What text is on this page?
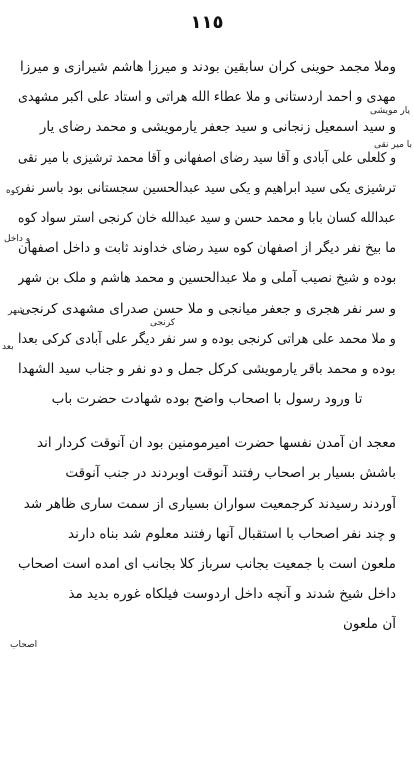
١١٥
وملا مجمد حوینی کران سابقین بودند و میرزا هاشم شیرازی و میرزا
مهدی و احمد اردستانی و ملا عطاء الله هراتی و استاد علی اکبر مشهدی
و سید اسمعیل زنجانی و سید جعفر یارمویشی و محمد رضای یار
و کلعلی علی آبادی و آقا سید رضای اصفهانی و آقا محمد ترشیزی با میر نقی
ترشیزی یکی سید ابراهیم و یکی سید عبدالحسین سجستانی بود باسر نفر
عبدالله کسان بابا و محمد حسن و سید عبدالله خان کرنجی استر سواد کوه
ما بیخ نفر دیگر از اصفهان کوه سید رضای خداوند ثابت و داخل اصفهان
بوده و شیخ نصیب آملی و ملا عبدالحسین و محمد هاشم و ملک بن شهر
و سر نفر هجری و جعفر میانجی و ملا حسن صدرای مشهدی کرنجی
و ملا محمد علی هراتی کرنجی بوده و سر نفر دیگر علی آبادی کرکی بعدا
بوده و محمد باقر یارمویشی کرکل جمل و دو نفر و جناب سید الشهدا
تا ورود رسول با اصحاب واضح بوده شهادت حضرت باب
معجد ان آمدن نفسها حضرت امیرمومنین بود ان آنوقت کردار اند
باشش بسیار بر اصحاب رفتند آنوقت اوبردند در جنب آنوقت
آوردند رسیدند کرجمعیت سواران بسیاری از سمت ساری ظاهر شد
و چند نفر اصحاب با استقبال آنها رفتند معلوم شد بناه دارند
ملعون است با جمعیت بجانب سرباز کلا بجانب ای امده است اصحاب
داخل شیخ شدند و آنچه داخل اردوست فیلکاه غوره بدید مذ
آن ملعون
یار مویشی
با میر نقی
کوه
و داخل
شهر
کرنجی
بعد
اصحاب
